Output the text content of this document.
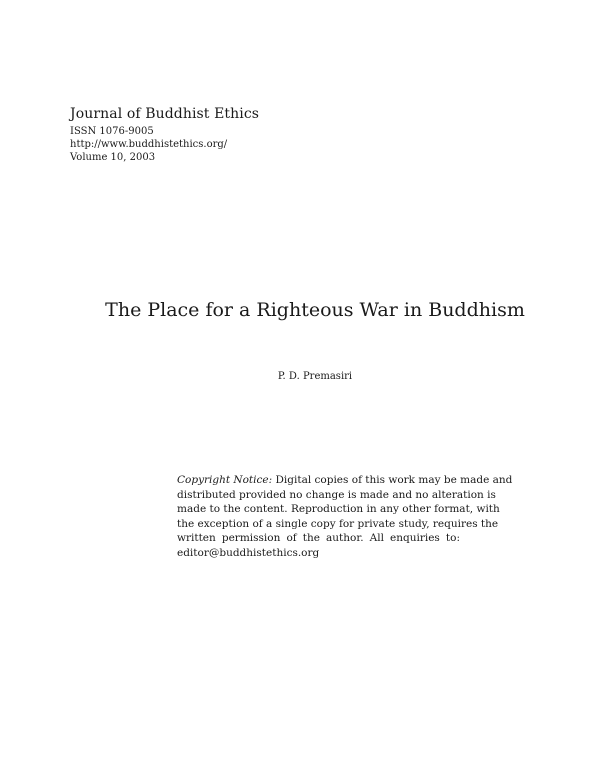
Journal of Buddhist Ethics
ISSN 1076-9005
http://www.buddhistethics.org/
Volume 10, 2003
The Place for a Righteous War in Buddhism
P. D. Premasiri
Copyright Notice: Digital copies of this work may be made and
distributed provided no change is made and no alteration is
made to the content. Reproduction in any other format, with
the exception of a single copy for private study, requires the
written permission of the author. All enquiries to:
editor@buddhistethics.org
